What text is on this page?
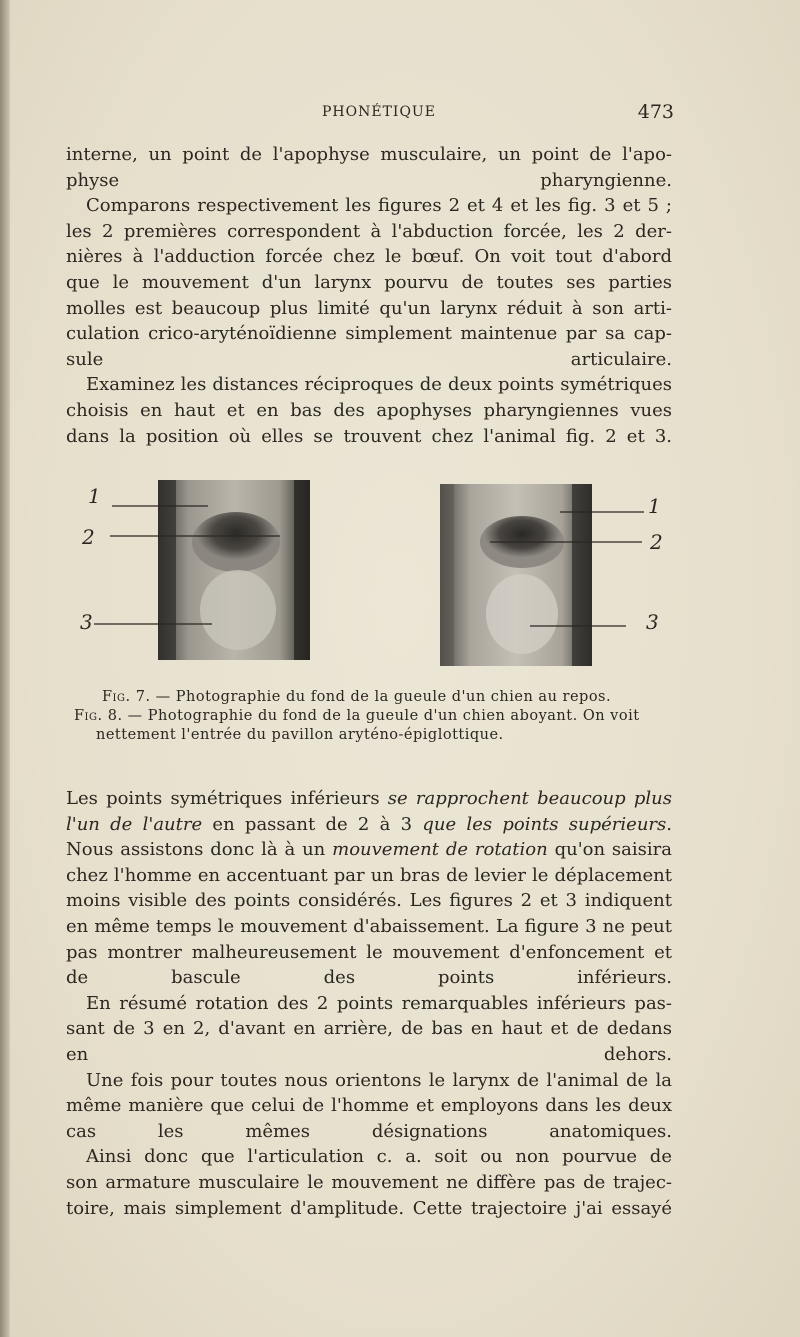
PHONÉTIQUE	473

interne, un point de l'apophyse musculaire, un point de l'apo-
physe pharyngienne.

Comparons respectivement les figures 2 et 4 et les fig. 3 et 5 ;
les 2 premières correspondent à l'abduction forcée, les 2 der-
nières à l'adduction forcée chez le bœuf. On voit tout d'abord
que le mouvement d'un larynx pourvu de toutes ses parties
molles est beaucoup plus limité qu'un larynx réduit à son arti-
culation crico-aryténoïdienne simplement maintenue par sa cap-
sule articulaire.

Examinez les distances réciproques de deux points symétriques
choisis en haut et en bas des apophyses pharyngiennes vues
dans la position où elles se trouvent chez l'animal fig. 2 et 3.

1
2
3
1
2
3
Fig. 7. — Photographie du fond de la gueule d'un chien au repos.
Fig. 8. — Photographie du fond de la gueule d'un chien aboyant. On voit
nettement l'entrée du pavillon aryténo-épiglottique.

Les points symétriques inférieurs se rapprochent beaucoup plus
l'un de l'autre en passant de 2 à 3 que les points supérieurs.
Nous assistons donc là à un mouvement de rotation qu'on saisira
chez l'homme en accentuant par un bras de levier le déplacement
moins visible des points considérés. Les figures 2 et 3 indiquent
en même temps le mouvement d'abaissement. La figure 3 ne peut
pas montrer malheureusement le mouvement d'enfoncement et
de bascule des points inférieurs.

En résumé rotation des 2 points remarquables inférieurs pas-
sant de 3 en 2, d'avant en arrière, de bas en haut et de dedans
en dehors.

Une fois pour toutes nous orientons le larynx de l'animal de la
même manière que celui de l'homme et employons dans les deux
cas les mêmes désignations anatomiques.

Ainsi donc que l'articulation c. a. soit ou non pourvue de
son armature musculaire le mouvement ne diffère pas de trajec-
toire, mais simplement d'amplitude. Cette trajectoire j'ai essayé
